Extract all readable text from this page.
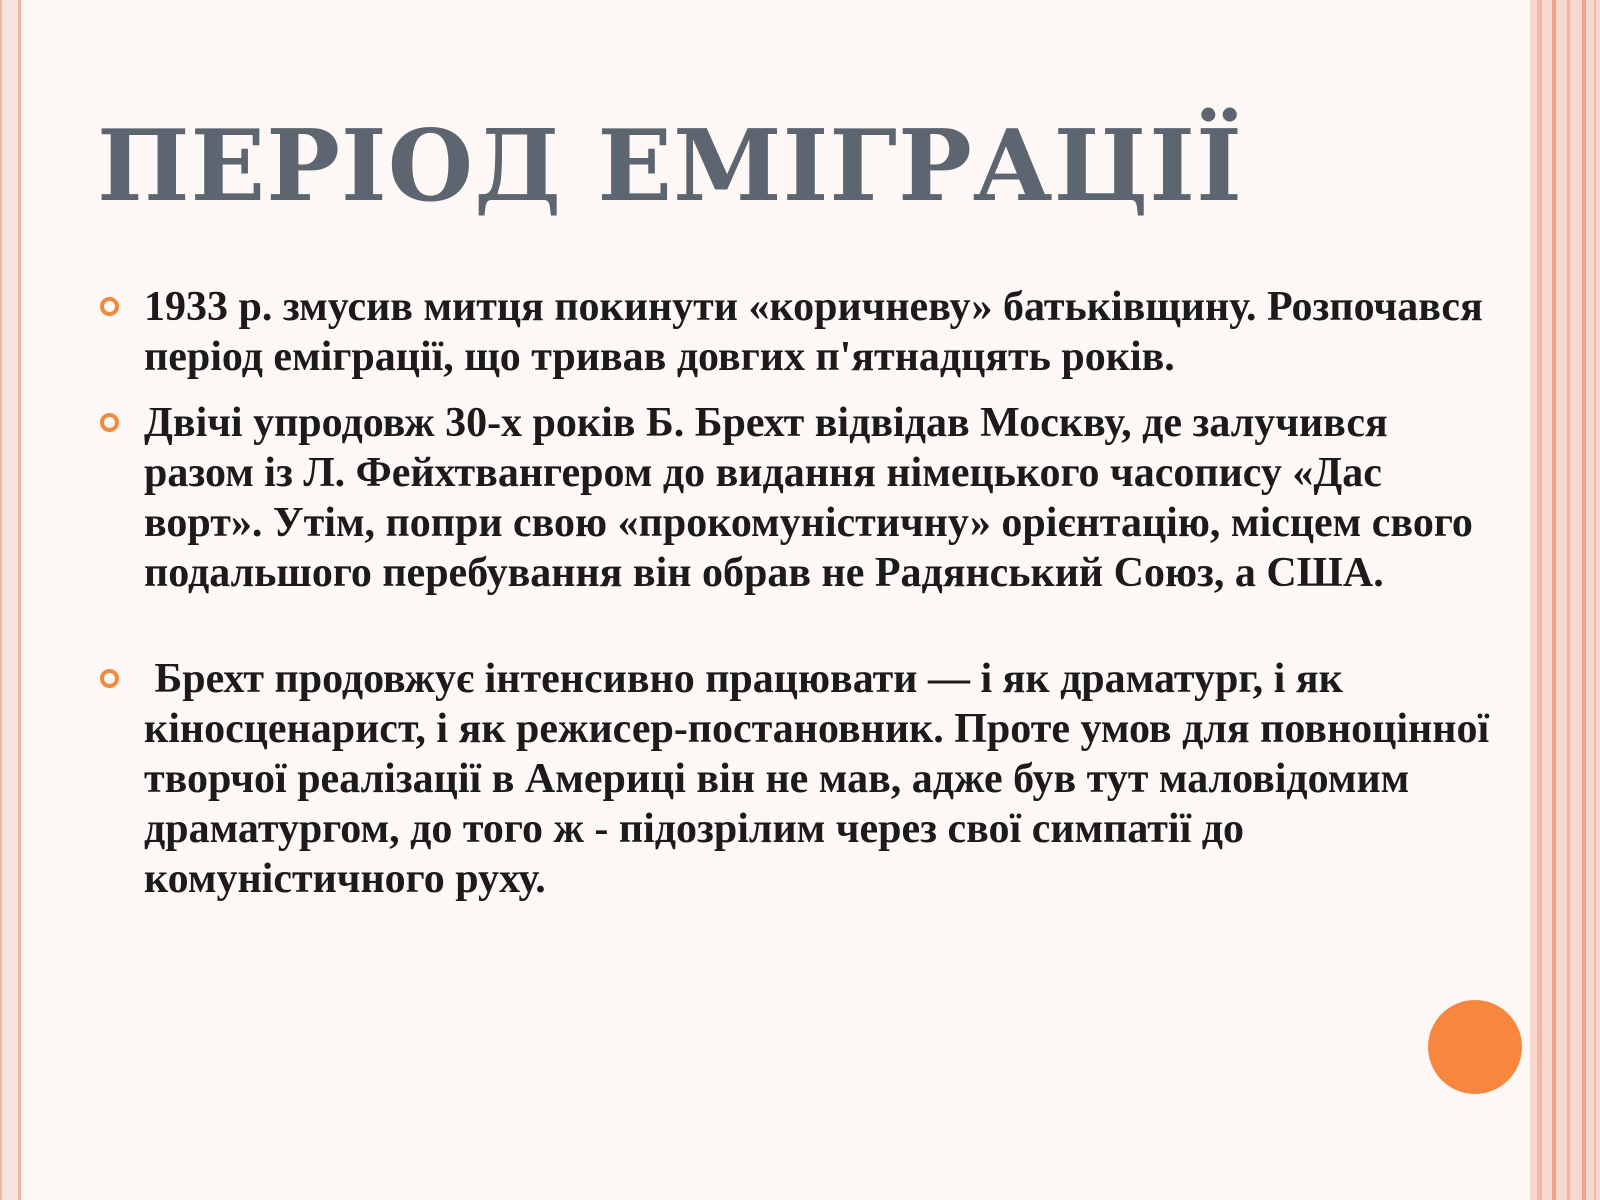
ПЕРІОД ЕМІГРАЦІЇ
1933 р. змусив митця покинути «коричневу» батьківщину. Розпочався період еміграції, що тривав довгих п'ятнадцять років.
Двічі упродовж 30-х років Б. Брехт відвідав Москву, де залучився разом із Л. Фейхтвангером до видання німецького часопису «Дас ворт». Утім, попри свою «прокомуністичну» орієнтацію, місцем свого подальшого перебування він обрав не Радянський Союз, а США.
Брехт продовжує інтенсивно працювати — і як драматург, і як кіносценарист, і як режисер-постановник. Проте умов для повноцінної творчої реалізації в Америці він не мав, адже був тут маловідомим драматургом, до того ж - підозрілим через свої симпатії до комуністичного руху.
